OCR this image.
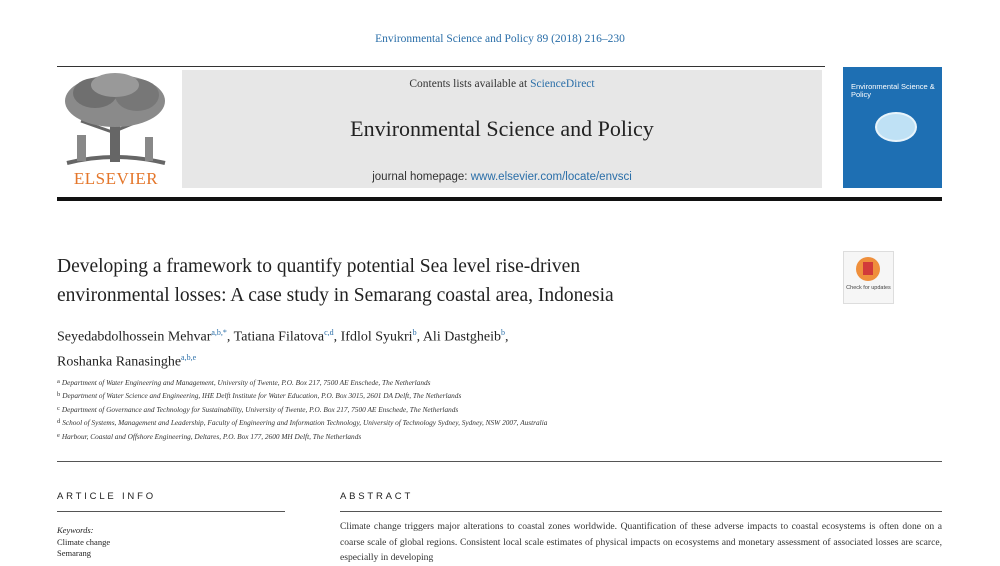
Environmental Science and Policy 89 (2018) 216–230
ELSEVIER
Contents lists available at ScienceDirect
Environmental Science and Policy
journal homepage: www.elsevier.com/locate/envsci
Environmental Science & Policy
Developing a framework to quantify potential Sea level rise-driven
environmental losses: A case study in Semarang coastal area, Indonesia	Check for updates
Seyedabdolhossein Mehvar$^{a,b,*}$, Tatiana Filatova$^{c,d}$, Ifdlol Syukri$^b$, Ali Dastgheib$^b$,
Roshanka Ranasinghe$^{a,b,e}$
a Department of Water Engineering and Management, University of Twente, P.O. Box 217, 7500 AE Enschede, The Netherlands
b Department of Water Science and Engineering, IHE Delft Institute for Water Education, P.O. Box 3015, 2601 DA Delft, The Netherlands
c Department of Governance and Technology for Sustainability, University of Twente, P.O. Box 217, 7500 AE Enschede, The Netherlands
d School of Systems, Management and Leadership, Faculty of Engineering and Information Technology, University of Technology Sydney, Sydney, NSW 2007, Australia
e Harbour, Coastal and Offshore Engineering, Deltares, P.O. Box 177, 2600 MH Delft, The Netherlands
ARTICLE INFO	ABSTRACT
Keywords:
Climate change
Semarang
Climate change triggers major alterations to coastal zones worldwide. Quantification of these adverse impacts to coastal ecosystems is often done on a coarse scale of global regions. Consistent local scale estimates of physical impacts on ecosystems and monetary assessment of associated losses are scarce, especially in developing
